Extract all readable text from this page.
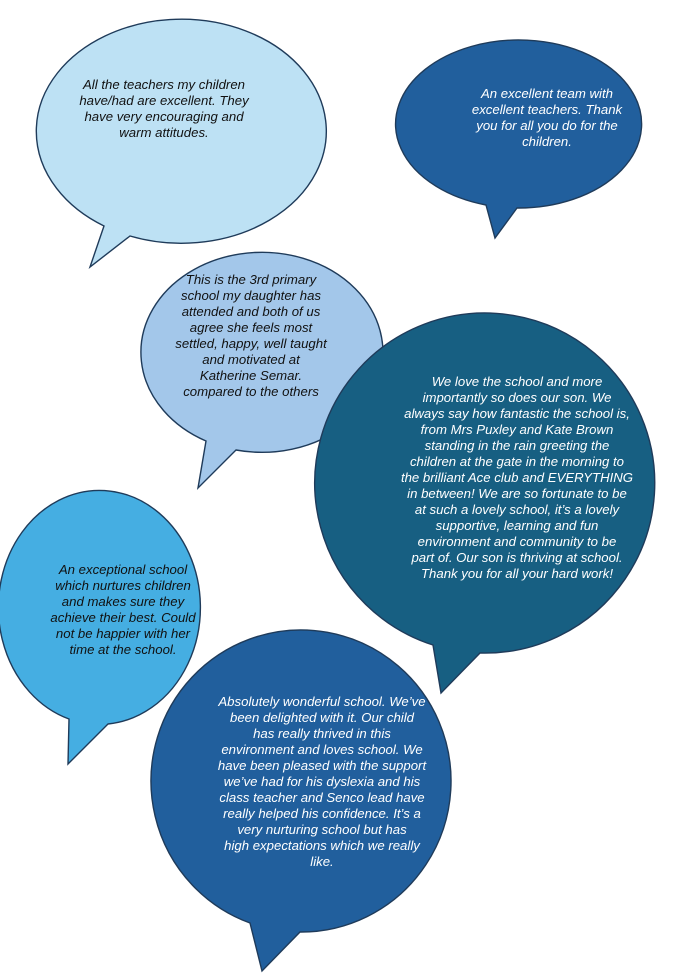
All the teachers my children
have/had are excellent. They
have very encouraging and
warm attitudes.
An excellent team with
excellent teachers. Thank
you for all you do for the
children.
This is the 3rd primary
school my daughter has
attended and both of us
agree she feels most
settled, happy, well taught
and motivated at
Katherine Semar.
compared to the others
We love the school and more
importantly so does our son. We
always say how fantastic the school is,
from Mrs Puxley and Kate Brown
standing in the rain greeting the
children at the gate in the morning to
the brilliant Ace club and EVERYTHING
in between! We are so fortunate to be
at such a lovely school, it’s a lovely
supportive, learning and fun
environment and community to be
part of. Our son is thriving at school.
Thank you for all your hard work!
An exceptional school
which nurtures children
and makes sure they
achieve their best. Could
not be happier with her
time at the school.
Absolutely wonderful school. We’ve
been delighted with it. Our child
has really thrived in this
environment and loves school. We
have been pleased with the support
we’ve had for his dyslexia and his
class teacher and Senco lead have
really helped his confidence. It’s a
very nurturing school but has
high expectations which we really
like.
